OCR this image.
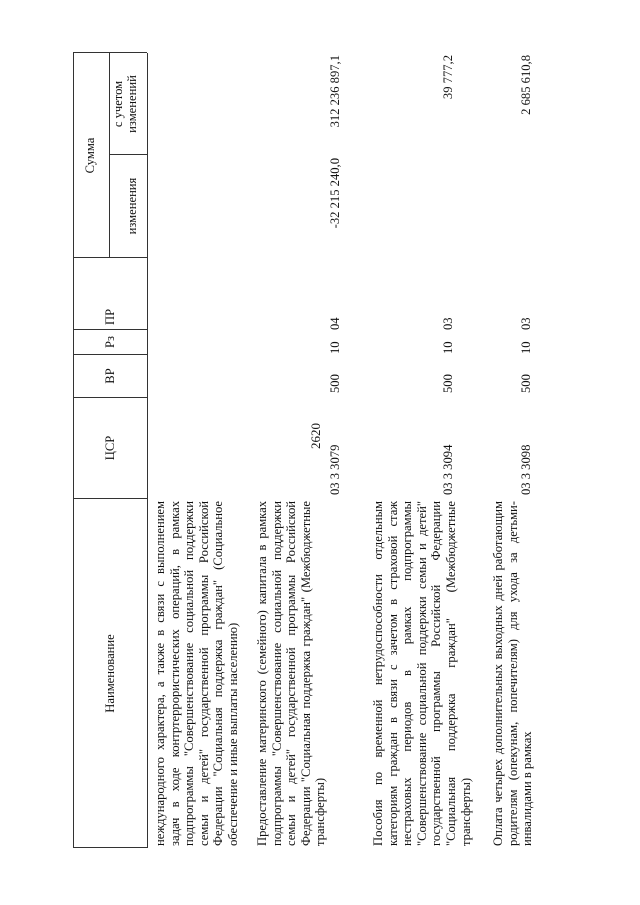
2620
Наименование
ЦСР
ВР
Рз
ПР
Сумма
изменения
с учетом изменений
неждународного характера, а также в связи с выполнением задач в ходе контртеррористических операций, в рамках подпрограммы "Совершенствование социальной поддержки семьи и детей" государственной программы Российской Федерации "Социальная поддержка граждан" (Социальное обеспечение и иные выплаты населению) Предоставление материнского (семейного) капитала в рамках подпрограммы "Совершенствование социальной поддержки семьи и детей" государственной программы Российской Федерации "Социальная поддержка граждан" (Межбюджетные трансферты)
03 3 3079
500
10
04
-32 215 240,0
312 236 897,1
Пособия по временной нетрудоспособности отдельным категориям граждан в связи с зачетом в страховой стаж нестраховых периодов в рамках подпрограммы "Совершенствование социальной поддержки семьи и детей" государственной программы Российской Федерации "Социальная поддержка граждан" (Межбюджетные трансферты)
03 3 3094
500
10
03
39 777,2
Оплата четырех дополнительных выходных дней работающим родителям (опекунам, попечителям) для ухода за детьми-инвалидами в рамках
03 3 3098
500
10
03
2 685 610,8
